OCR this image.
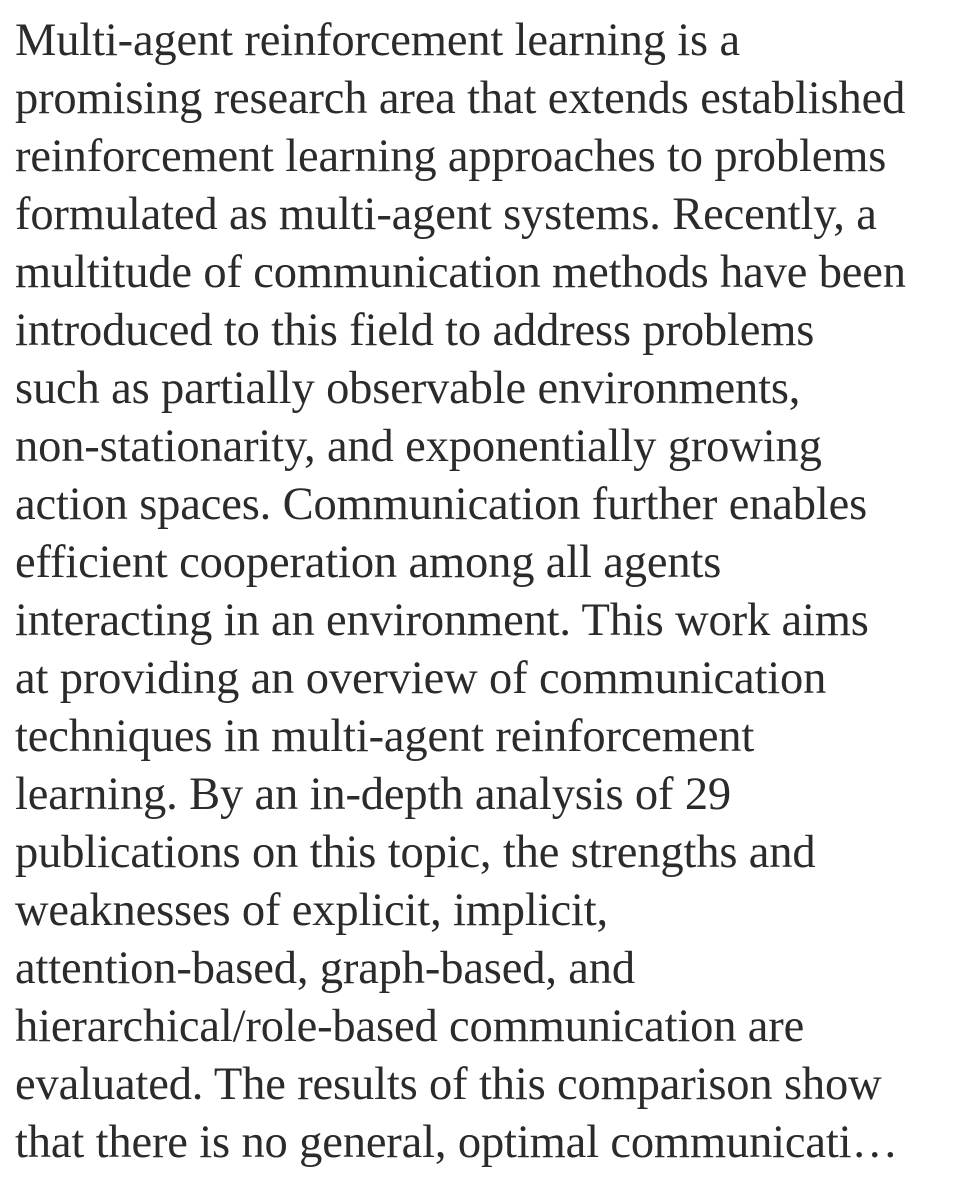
Multi-agent reinforcement learning is a
promising research area that extends established
reinforcement learning approaches to problems
formulated as multi-agent systems. Recently, a
multitude of communication methods have been
introduced to this field to address problems
such as partially observable environments,
non-stationarity, and exponentially growing
action spaces. Communication further enables
efficient cooperation among all agents
interacting in an environment. This work aims
at providing an overview of communication
techniques in multi-agent reinforcement
learning. By an in-depth analysis of 29
publications on this topic, the strengths and
weaknesses of explicit, implicit,
attention-based, graph-based, and
hierarchical/role-based communication are
evaluated. The results of this comparison show
that there is no general, optimal communicati…
